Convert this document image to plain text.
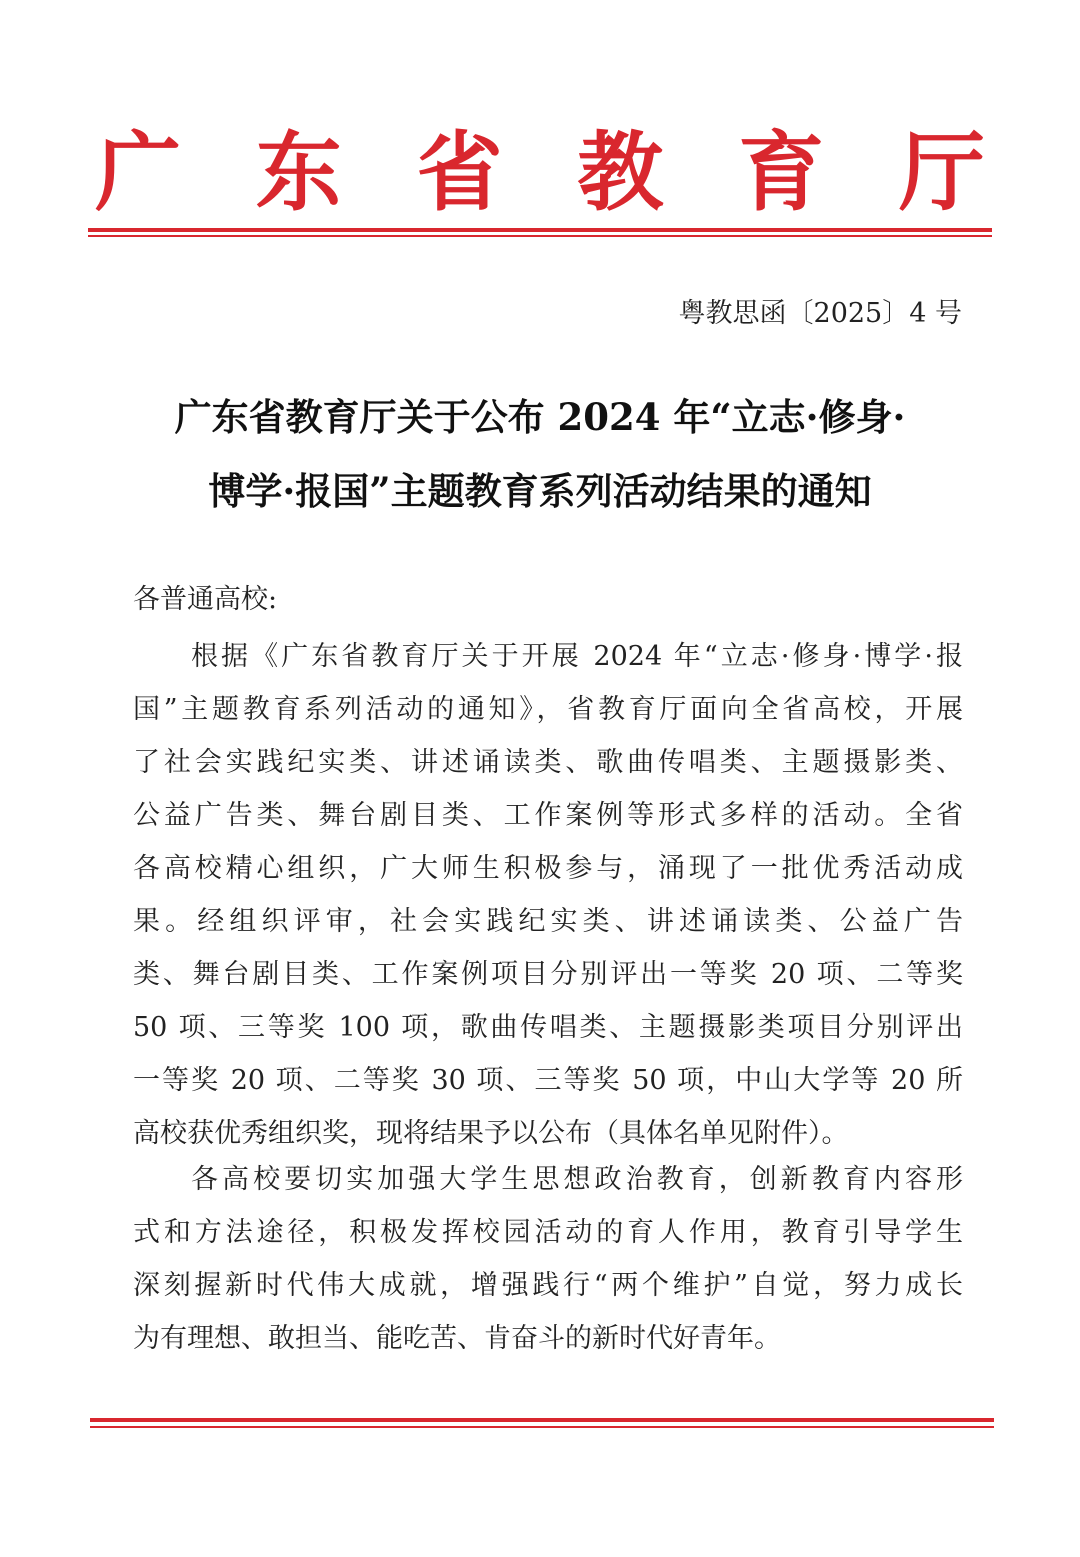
广 东 省 教 育 厅
粤教思函〔2025〕4 号
广东省教育厅关于公布 2024 年“立志·修身·
博学·报国”主题教育系列活动结果的通知
各普通高校:
根据《广东省教育厅关于开展 2024 年“立志·修身·博学·报
国”主题教育系列活动的通知》，省教育厅面向全省高校，开展
了社会实践纪实类、讲述诵读类、歌曲传唱类、主题摄影类、
公益广告类、舞台剧目类、工作案例等形式多样的活动。全省
各高校精心组织，广大师生积极参与，涌现了一批优秀活动成
果。经组织评审，社会实践纪实类、讲述诵读类、公益广告
类、舞台剧目类、工作案例项目分别评出一等奖 20 项、二等奖
50 项、三等奖 100 项，歌曲传唱类、主题摄影类项目分别评出
一等奖 20 项、二等奖 30 项、三等奖 50 项，中山大学等 20 所
高校获优秀组织奖，现将结果予以公布（具体名单见附件）。
各高校要切实加强大学生思想政治教育，创新教育内容形
式和方法途径，积极发挥校园活动的育人作用，教育引导学生
深刻握新时代伟大成就，增强践行“两个维护”自觉，努力成长
为有理想、敢担当、能吃苦、肯奋斗的新时代好青年。
